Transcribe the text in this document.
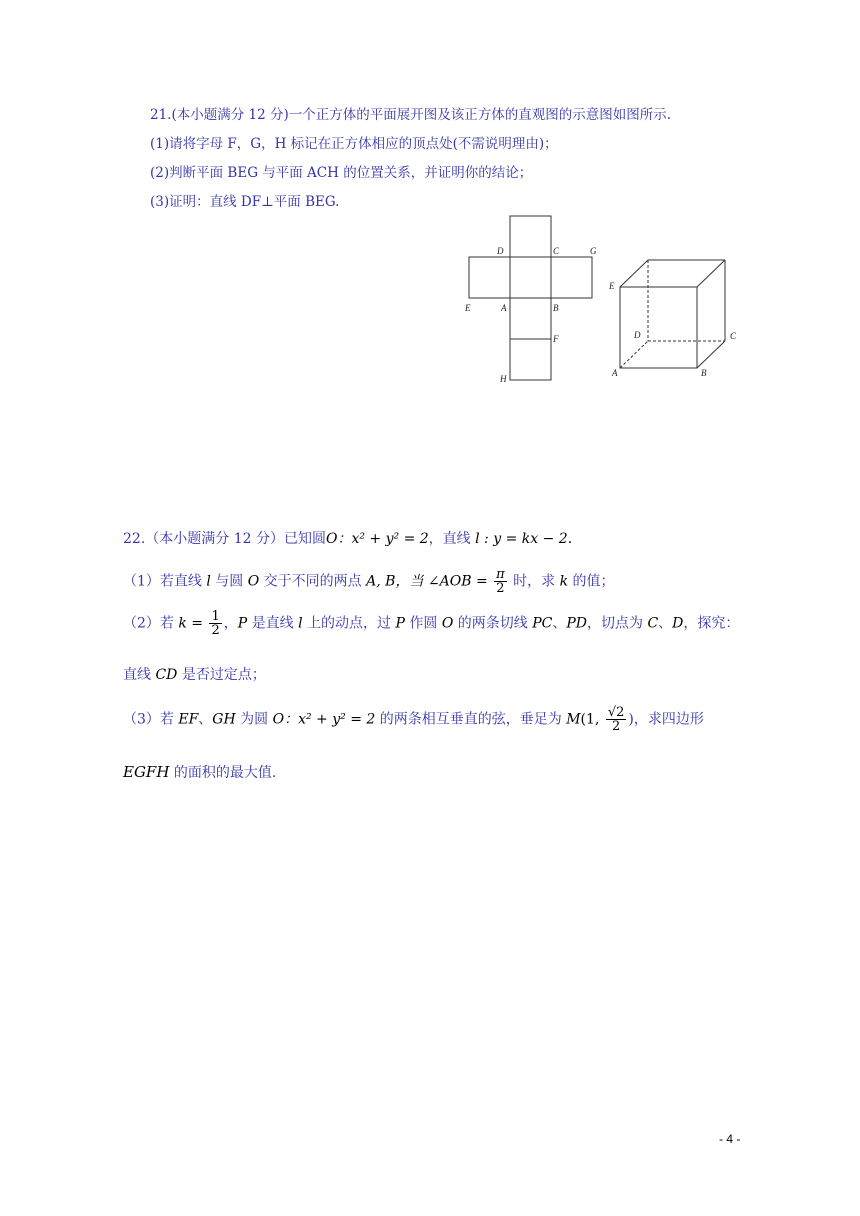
21.(本小题满分 12 分)一个正方体的平面展开图及该正方体的直观图的示意图如图所示.
(1)请将字母 F，G，H 标记在正方体相应的顶点处(不需说明理由)；
(2)判断平面 BEG 与平面 ACH 的位置关系，并证明你的结论；
(3)证明：直线 DF⊥平面 BEG.
D	C	G
E	A	B
F
H
E
D	C
A	B
22.（本小题满分 12 分）已知圆O：x² + y² = 2，直线 l : y = kx − 2.
（1）若直线 l 与圆 O 交于不同的两点 A, B，当 ∠AOB = $\frac{\pi}{2}$ 时，求 k 的值；
（2）若 $k = \frac{1}{2}$ ，P 是直线 l 上的动点，过 P 作圆 O 的两条切线 PC、PD，切点为 C、D，探究：
直线 CD 是否过定点；
（3）若 EF、GH 为圆 O：x² + y² = 2 的两条相互垂直的弦，垂足为 M(1, $\frac{√2}{2}$ )，求四边形
EGFH 的面积的最大值.
- 4 -
